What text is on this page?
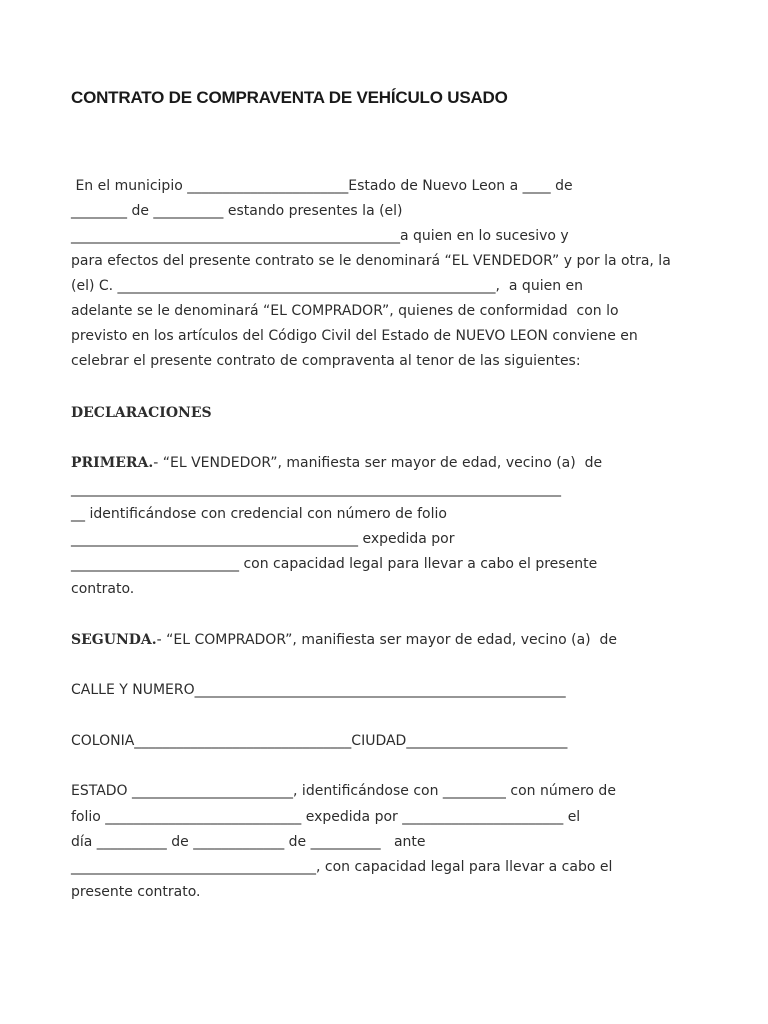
CONTRATO DE COMPRAVENTA DE VEHÍCULO USADO

En el municipio _______________________Estado de Nuevo Leon a ____ de

________ de __________ estando presentes la (el)

_______________________________________________a quien en lo sucesivo y

para efectos del presente contrato se le denominará “EL VENDEDOR” y por la otra, la

(el) C. ______________________________________________________,  a quien en

adelante se le denominará “EL COMPRADOR”, quienes de conformidad  con lo

previsto en los artículos del Código Civil del Estado de NUEVO LEON conviene en

celebrar el presente contrato de compraventa al tenor de las siguientes:

DECLARACIONES

PRIMERA.- “EL VENDEDOR”, manifiesta ser mayor de edad, vecino (a)  de

______________________________________________________________________

__ identificándose con credencial con número de folio

_________________________________________ expedida por

________________________ con capacidad legal para llevar a cabo el presente

contrato.

SEGUNDA.- “EL COMPRADOR”, manifiesta ser mayor de edad, vecino (a)  de

CALLE Y NUMERO_____________________________________________________

COLONIA_______________________________CIUDAD_______________________

ESTADO _______________________, identificándose con _________ con número de

folio ____________________________ expedida por _______________________ el

día __________ de _____________ de __________   ante

___________________________________, con capacidad legal para llevar a cabo el

presente contrato.
